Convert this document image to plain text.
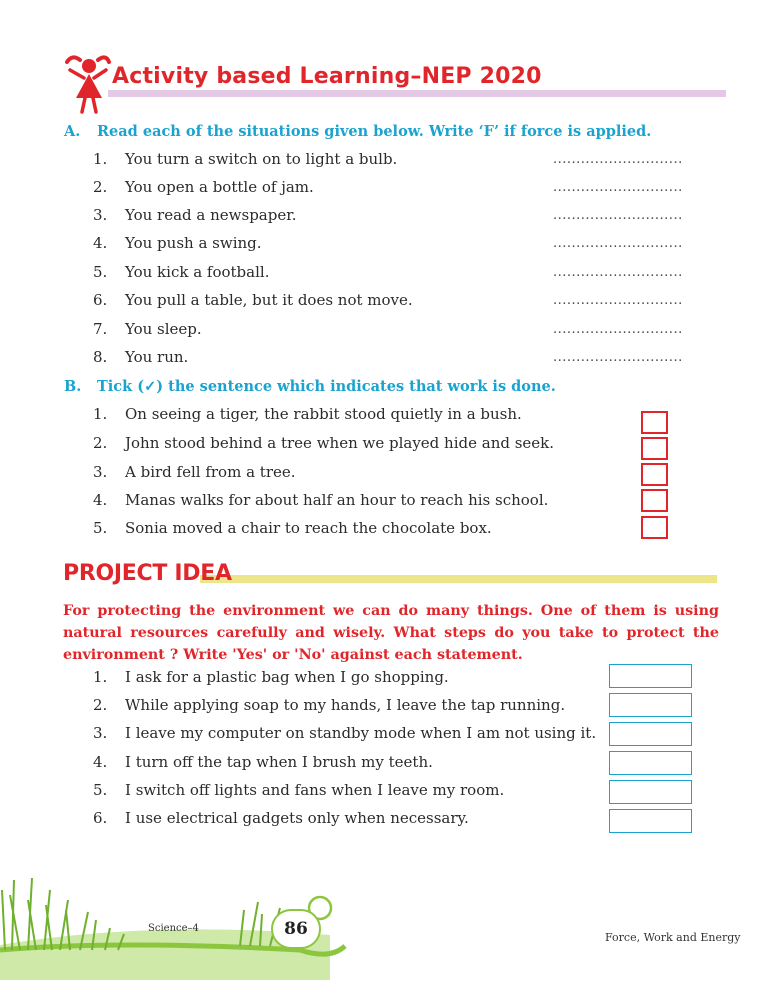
Activity based Learning–NEP 2020
A. Read each of the situations given below. Write ‘F’ if force is applied.
1. You turn a switch on to light a bulb.	............................
2. You open a bottle of jam.	............................
3. You read a newspaper.	............................
4. You push a swing.	............................
5. You kick a football.	............................
6. You pull a table, but it does not move.	............................
7. You sleep.	............................
8. You run.	............................
B. Tick (✓) the sentence which indicates that work is done.
1. On seeing a tiger, the rabbit stood quietly in a bush.
2. John stood behind a tree when we played hide and seek.
3. A bird fell from a tree.
4. Manas walks for about half an hour to reach his school.
5. Sonia moved a chair to reach the chocolate box.
PROJECT IDEA
For protecting the environment we can do many things. One of them is using natural resources carefully and wisely. What steps do you take to protect the environment ? Write 'Yes' or 'No' against each statement.
1. I ask for a plastic bag when I go shopping.
2. While applying soap to my hands, I leave the tap running.
3. I leave my computer on standby mode when I am not using it.
4. I turn off the tap when I brush my teeth.
5. I switch off lights and fans when I leave my room.
6. I use electrical gadgets only when necessary.
86
Science–4
Force, Work and Energy
